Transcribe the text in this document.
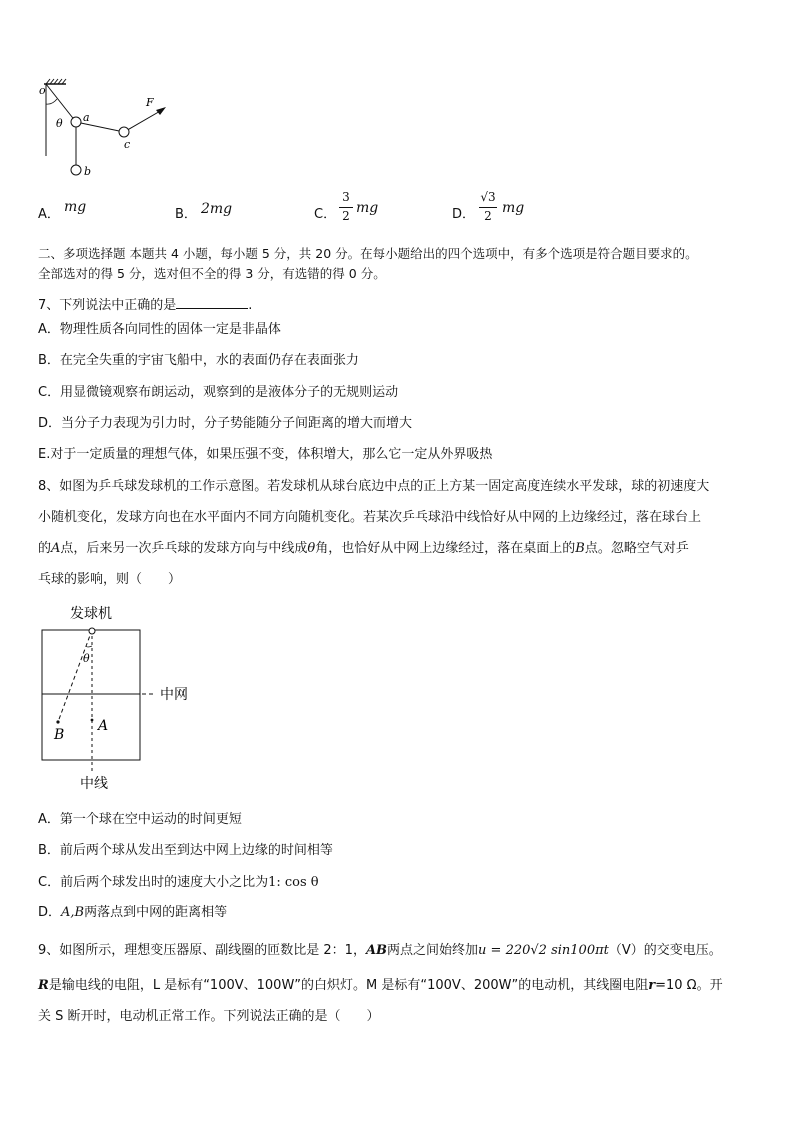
o
θ a
c
b
F
A． mg	B． 2mg	C．
3
2 mg	D．
√3
2 mg
二、多项选择题 本题共 4 小题，每小题 5 分，共 20 分。在每小题给出的四个选项中，有多个选项是符合题目要求的。
全部选对的得 5 分，选对但不全的得 3 分，有选错的得 0 分。
7、下列说法中正确的是	.
A．物理性质各向同性的固体一定是非晶体
B．在完全失重的宇宙飞船中，水的表面仍存在表面张力
C．用显微镜观察布朗运动，观察到的是液体分子的无规则运动
D．当分子力表现为引力时，分子势能随分子间距离的增大而增大
E.对于一定质量的理想气体，如果压强不变，体积增大，那么它一定从外界吸热
8、如图为乒乓球发球机的工作示意图。若发球机从球台底边中点的正上方某一固定高度连续水平发球，球的初速度大
小随机变化，发球方向也在水平面内不同方向随机变化。若某次乒乓球沿中线恰好从中网的上边缘经过，落在球台上
的A点，后来另一次乒乓球的发球方向与中线成θ角，也恰好从中网上边缘经过，落在桌面上的B点。忽略空气对乒
乓球的影响，则（　　）
发球机
中网
θ
A
B
中线
A．第一个球在空中运动的时间更短
B．前后两个球从发出至到达中网上边缘的时间相等
C．前后两个球发出时的速度大小之比为1: cos θ
D．A,B两落点到中网的距离相等
9、如图所示，理想变压器原、副线圈的匝数比是 2：1，AB两点之间始终加u = 220√2 sin100πt（V）的交变电压。
R是输电线的电阻，L 是标有“100V、100W”的白炽灯。M 是标有“100V、200W”的电动机，其线圈电阻r=10 Ω。开
关 S 断开时，电动机正常工作。下列说法正确的是（　　）
